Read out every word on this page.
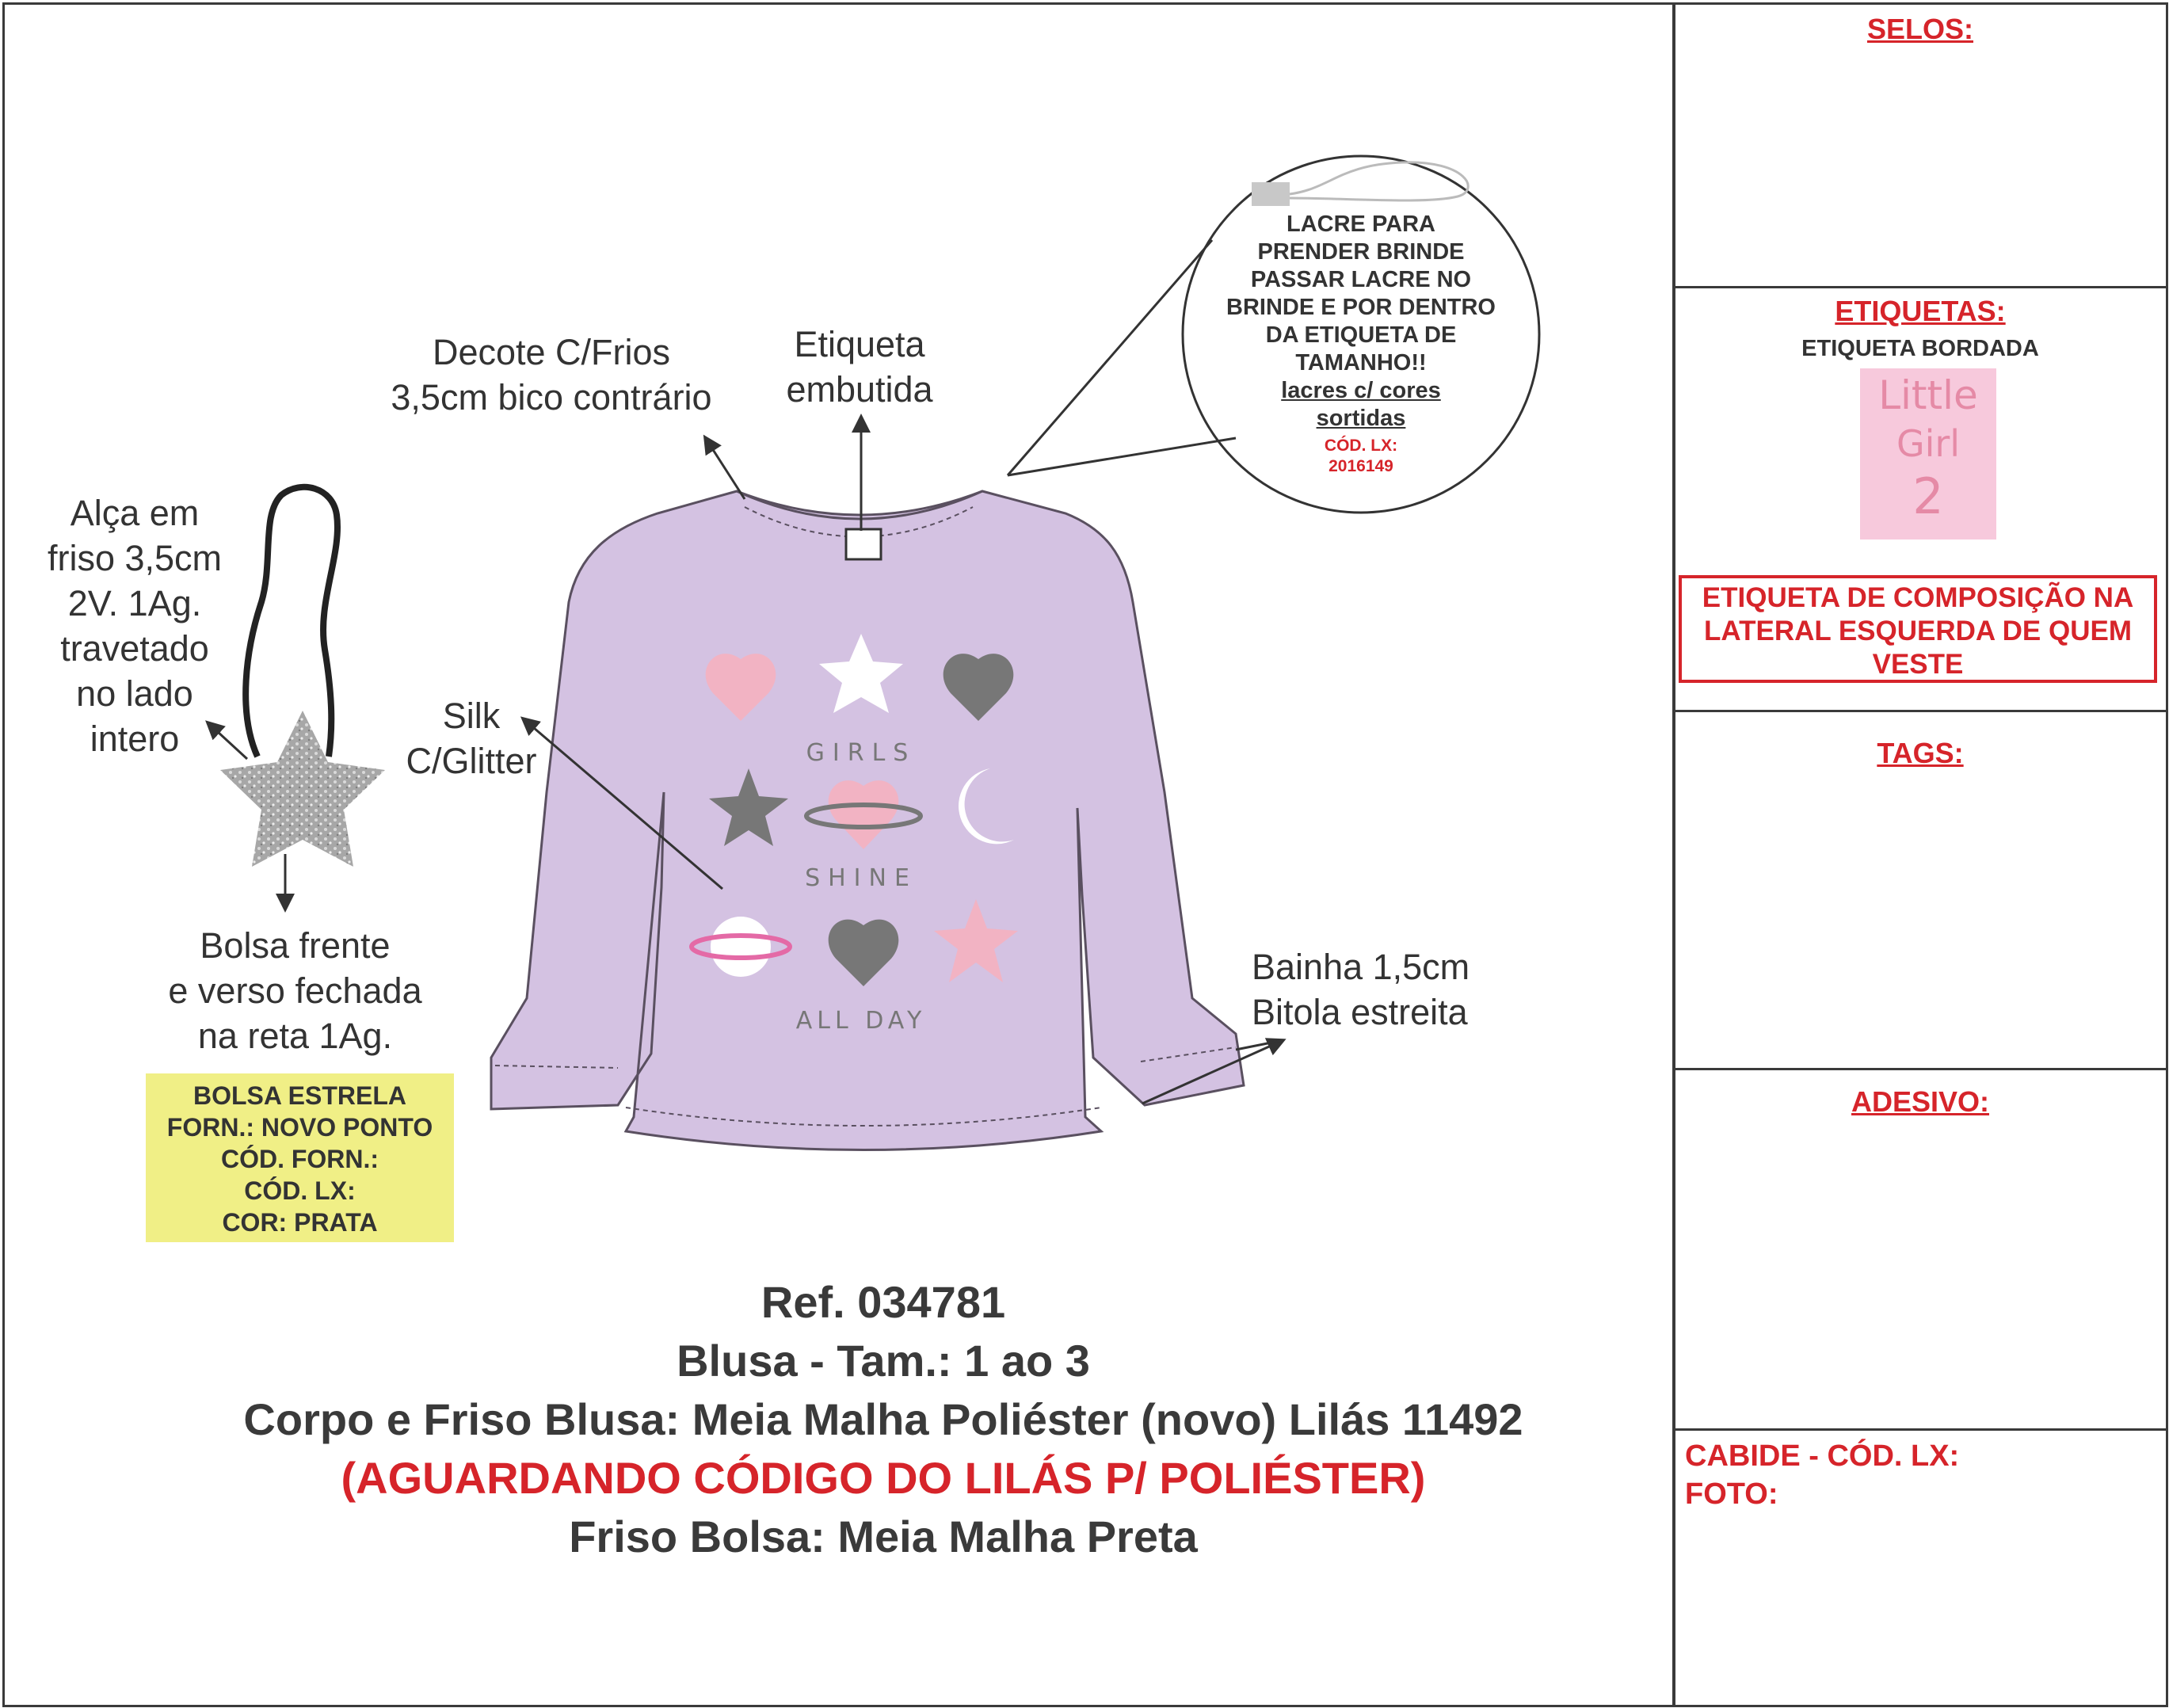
SELOS:
ETIQUETAS:
ETIQUETA BORDADA
Little
Girl
2
ETIQUETA DE COMPOSIÇÃO NA
LATERAL ESQUERDA DE QUEM
VESTE
TAGS:
ADESIVO:
CABIDE - CÓD. LX:
FOTO:
GIRLS
SHINE
ALL DAY
Decote C/Frios
3,5cm bico contrário
Etiqueta
embutida
Alça em
friso 3,5cm
2V. 1Ag.
travetado
no lado
intero
Silk
C/Glitter
Bolsa frente
e verso fechada
na reta 1Ag.
Bainha 1,5cm
Bitola estreita
LACRE PARA
PRENDER BRINDE
PASSAR LACRE NO
BRINDE E POR DENTRO
DA ETIQUETA DE
TAMANHO!!
lacres c/ cores
sortidas
CÓD. LX:
2016149
BOLSA ESTRELA
FORN.: NOVO PONTO
CÓD. FORN.:
CÓD. LX:
COR: PRATA
Ref. 034781
Blusa - Tam.: 1 ao 3
Corpo e Friso Blusa: Meia Malha Poliéster (novo) Lilás 11492
(AGUARDANDO CÓDIGO DO LILÁS P/ POLIÉSTER)
Friso Bolsa: Meia Malha Preta
